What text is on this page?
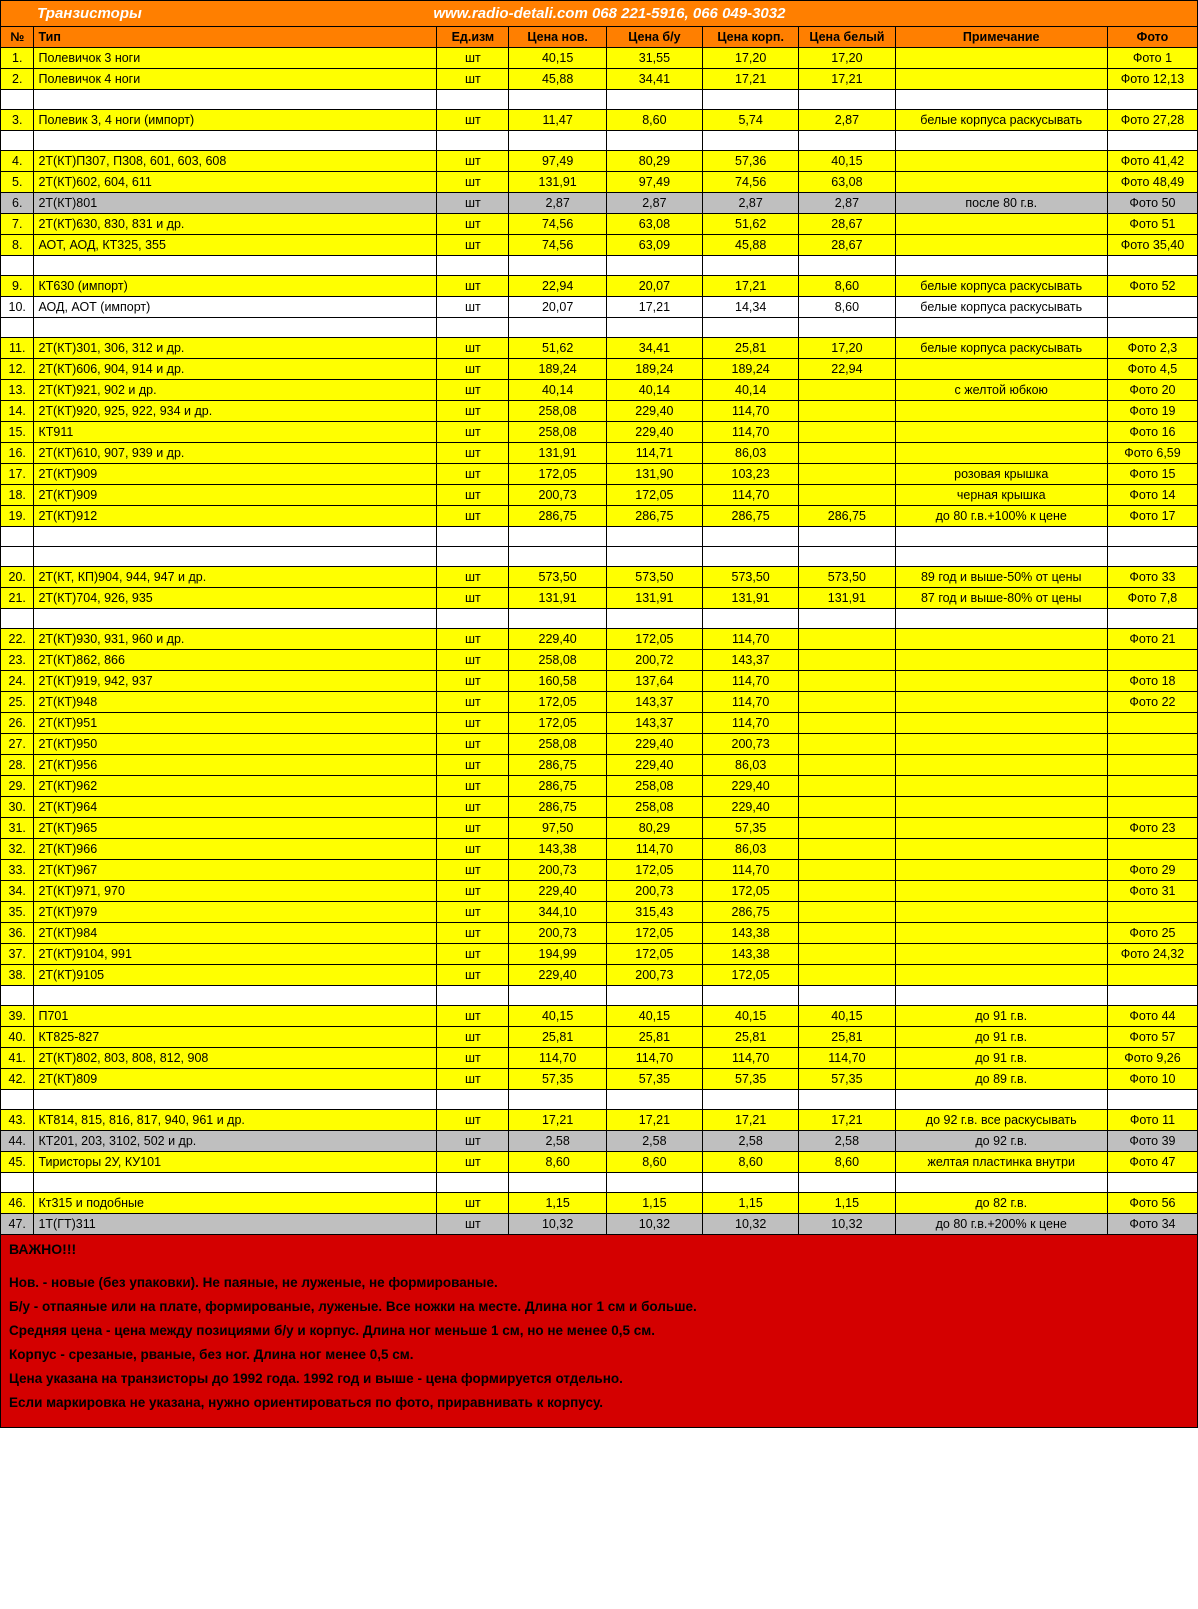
Транзисторы	www.radio-detali.com 068 221-5916, 066 049-3032
№	Тип	Ед.изм	Цена нов.	Цена б/у	Цена корп.	Цена белый	Примечание	Фото
1.	Полевичок 3 ноги	шт	40,15	31,55	17,20	17,20		Фото 1
2.	Полевичок 4 ноги	шт	45,88	34,41	17,21	17,21		Фото 12,13

3.	Полевик 3, 4 ноги (импорт)	шт	11,47	8,60	5,74	2,87	белые корпуса раскусывать	Фото 27,28

4.	2Т(КТ)П307, П308, 601, 603, 608	шт	97,49	80,29	57,36	40,15		Фото 41,42
5.	2Т(КТ)602, 604, 611	шт	131,91	97,49	74,56	63,08		Фото 48,49
6.	2Т(КТ)801	шт	2,87	2,87	2,87	2,87	после 80 г.в.	Фото 50
7.	2Т(КТ)630, 830, 831 и др.	шт	74,56	63,08	51,62	28,67		Фото 51
8.	АОТ, АОД, КТ325, 355	шт	74,56	63,09	45,88	28,67		Фото 35,40

9.	КТ630 (импорт)	шт	22,94	20,07	17,21	8,60	белые корпуса раскусывать	Фото 52
10.	АОД, АОТ (импорт)	шт	20,07	17,21	14,34	8,60	белые корпуса раскусывать	

11.	2Т(КТ)301, 306, 312 и др.	шт	51,62	34,41	25,81	17,20	белые корпуса раскусывать	Фото 2,3
12.	2Т(КТ)606, 904, 914 и др.	шт	189,24	189,24	189,24	22,94		Фото 4,5
13.	2Т(КТ)921, 902 и др.	шт	40,14	40,14	40,14		с желтой юбкою	Фото 20
14.	2Т(КТ)920, 925, 922, 934 и др.	шт	258,08	229,40	114,70			Фото 19
15.	КТ911	шт	258,08	229,40	114,70			Фото 16
16.	2Т(КТ)610, 907, 939 и др.	шт	131,91	114,71	86,03			Фото 6,59
17.	2Т(КТ)909	шт	172,05	131,90	103,23		розовая крышка	Фото 15
18.	2Т(КТ)909	шт	200,73	172,05	114,70		черная крышка	Фото 14
19.	2Т(КТ)912	шт	286,75	286,75	286,75	286,75	до 80 г.в.+100% к цене	Фото 17

20.	2Т(КТ, КП)904, 944, 947 и др.	шт	573,50	573,50	573,50	573,50	89 год и выше-50% от цены	Фото 33
21.	2Т(КТ)704, 926, 935	шт	131,91	131,91	131,91	131,91	87 год и выше-80% от цены	Фото 7,8

22.	2Т(КТ)930, 931, 960 и др.	шт	229,40	172,05	114,70			Фото 21
23.	2Т(КТ)862, 866	шт	258,08	200,72	143,37			
24.	2Т(КТ)919, 942, 937	шт	160,58	137,64	114,70			Фото 18
25.	2Т(КТ)948	шт	172,05	143,37	114,70			Фото 22
26.	2Т(КТ)951	шт	172,05	143,37	114,70			
27.	2Т(КТ)950	шт	258,08	229,40	200,73			
28.	2Т(КТ)956	шт	286,75	229,40	86,03			
29.	2Т(КТ)962	шт	286,75	258,08	229,40			
30.	2Т(КТ)964	шт	286,75	258,08	229,40			
31.	2Т(КТ)965	шт	97,50	80,29	57,35			Фото 23
32.	2Т(КТ)966	шт	143,38	114,70	86,03			
33.	2Т(КТ)967	шт	200,73	172,05	114,70			Фото 29
34.	2Т(КТ)971, 970	шт	229,40	200,73	172,05			Фото 31
35.	2Т(КТ)979	шт	344,10	315,43	286,75			
36.	2Т(КТ)984	шт	200,73	172,05	143,38			Фото 25
37.	2Т(КТ)9104, 991	шт	194,99	172,05	143,38			Фото 24,32
38.	2Т(КТ)9105	шт	229,40	200,73	172,05			

39.	П701	шт	40,15	40,15	40,15	40,15	до 91 г.в.	Фото 44
40.	КТ825-827	шт	25,81	25,81	25,81	25,81	до 91 г.в.	Фото 57
41.	2Т(КТ)802, 803, 808, 812, 908	шт	114,70	114,70	114,70	114,70	до 91 г.в.	Фото 9,26
42.	2Т(КТ)809	шт	57,35	57,35	57,35	57,35	до 89 г.в.	Фото 10

43.	КТ814, 815, 816, 817, 940, 961 и др.	шт	17,21	17,21	17,21	17,21	до 92 г.в. все раскусывать	Фото 11
44.	КТ201, 203, 3102, 502 и др.	шт	2,58	2,58	2,58	2,58	до 92 г.в.	Фото 39
45.	Тиристоры 2У, КУ101	шт	8,60	8,60	8,60	8,60	желтая пластинка внутри	Фото 47

46.	Кт315 и подобные	шт	1,15	1,15	1,15	1,15	до 82 г.в.	Фото 56
47.	1Т(ГТ)311	шт	10,32	10,32	10,32	10,32	до 80 г.в.+200% к цене	Фото 34
ВАЖНО!!!
Нов. - новые (без упаковки). Не паяные, не луженые, не формированые.
Б/у - отпаяные или на плате, формированые, луженые. Все ножки на месте. Длина ног 1 см и больше.
Средняя цена - цена между позициями б/у и корпус. Длина ног меньше 1 см, но не менее 0,5 см.
Корпус - срезаные, рваные, без ног. Длина ног менее 0,5 см.
Цена указана на транзисторы до 1992 года. 1992 год и выше - цена формируется отдельно.
Если маркировка не указана, нужно ориентироваться по фото, приравнивать к корпусу.
